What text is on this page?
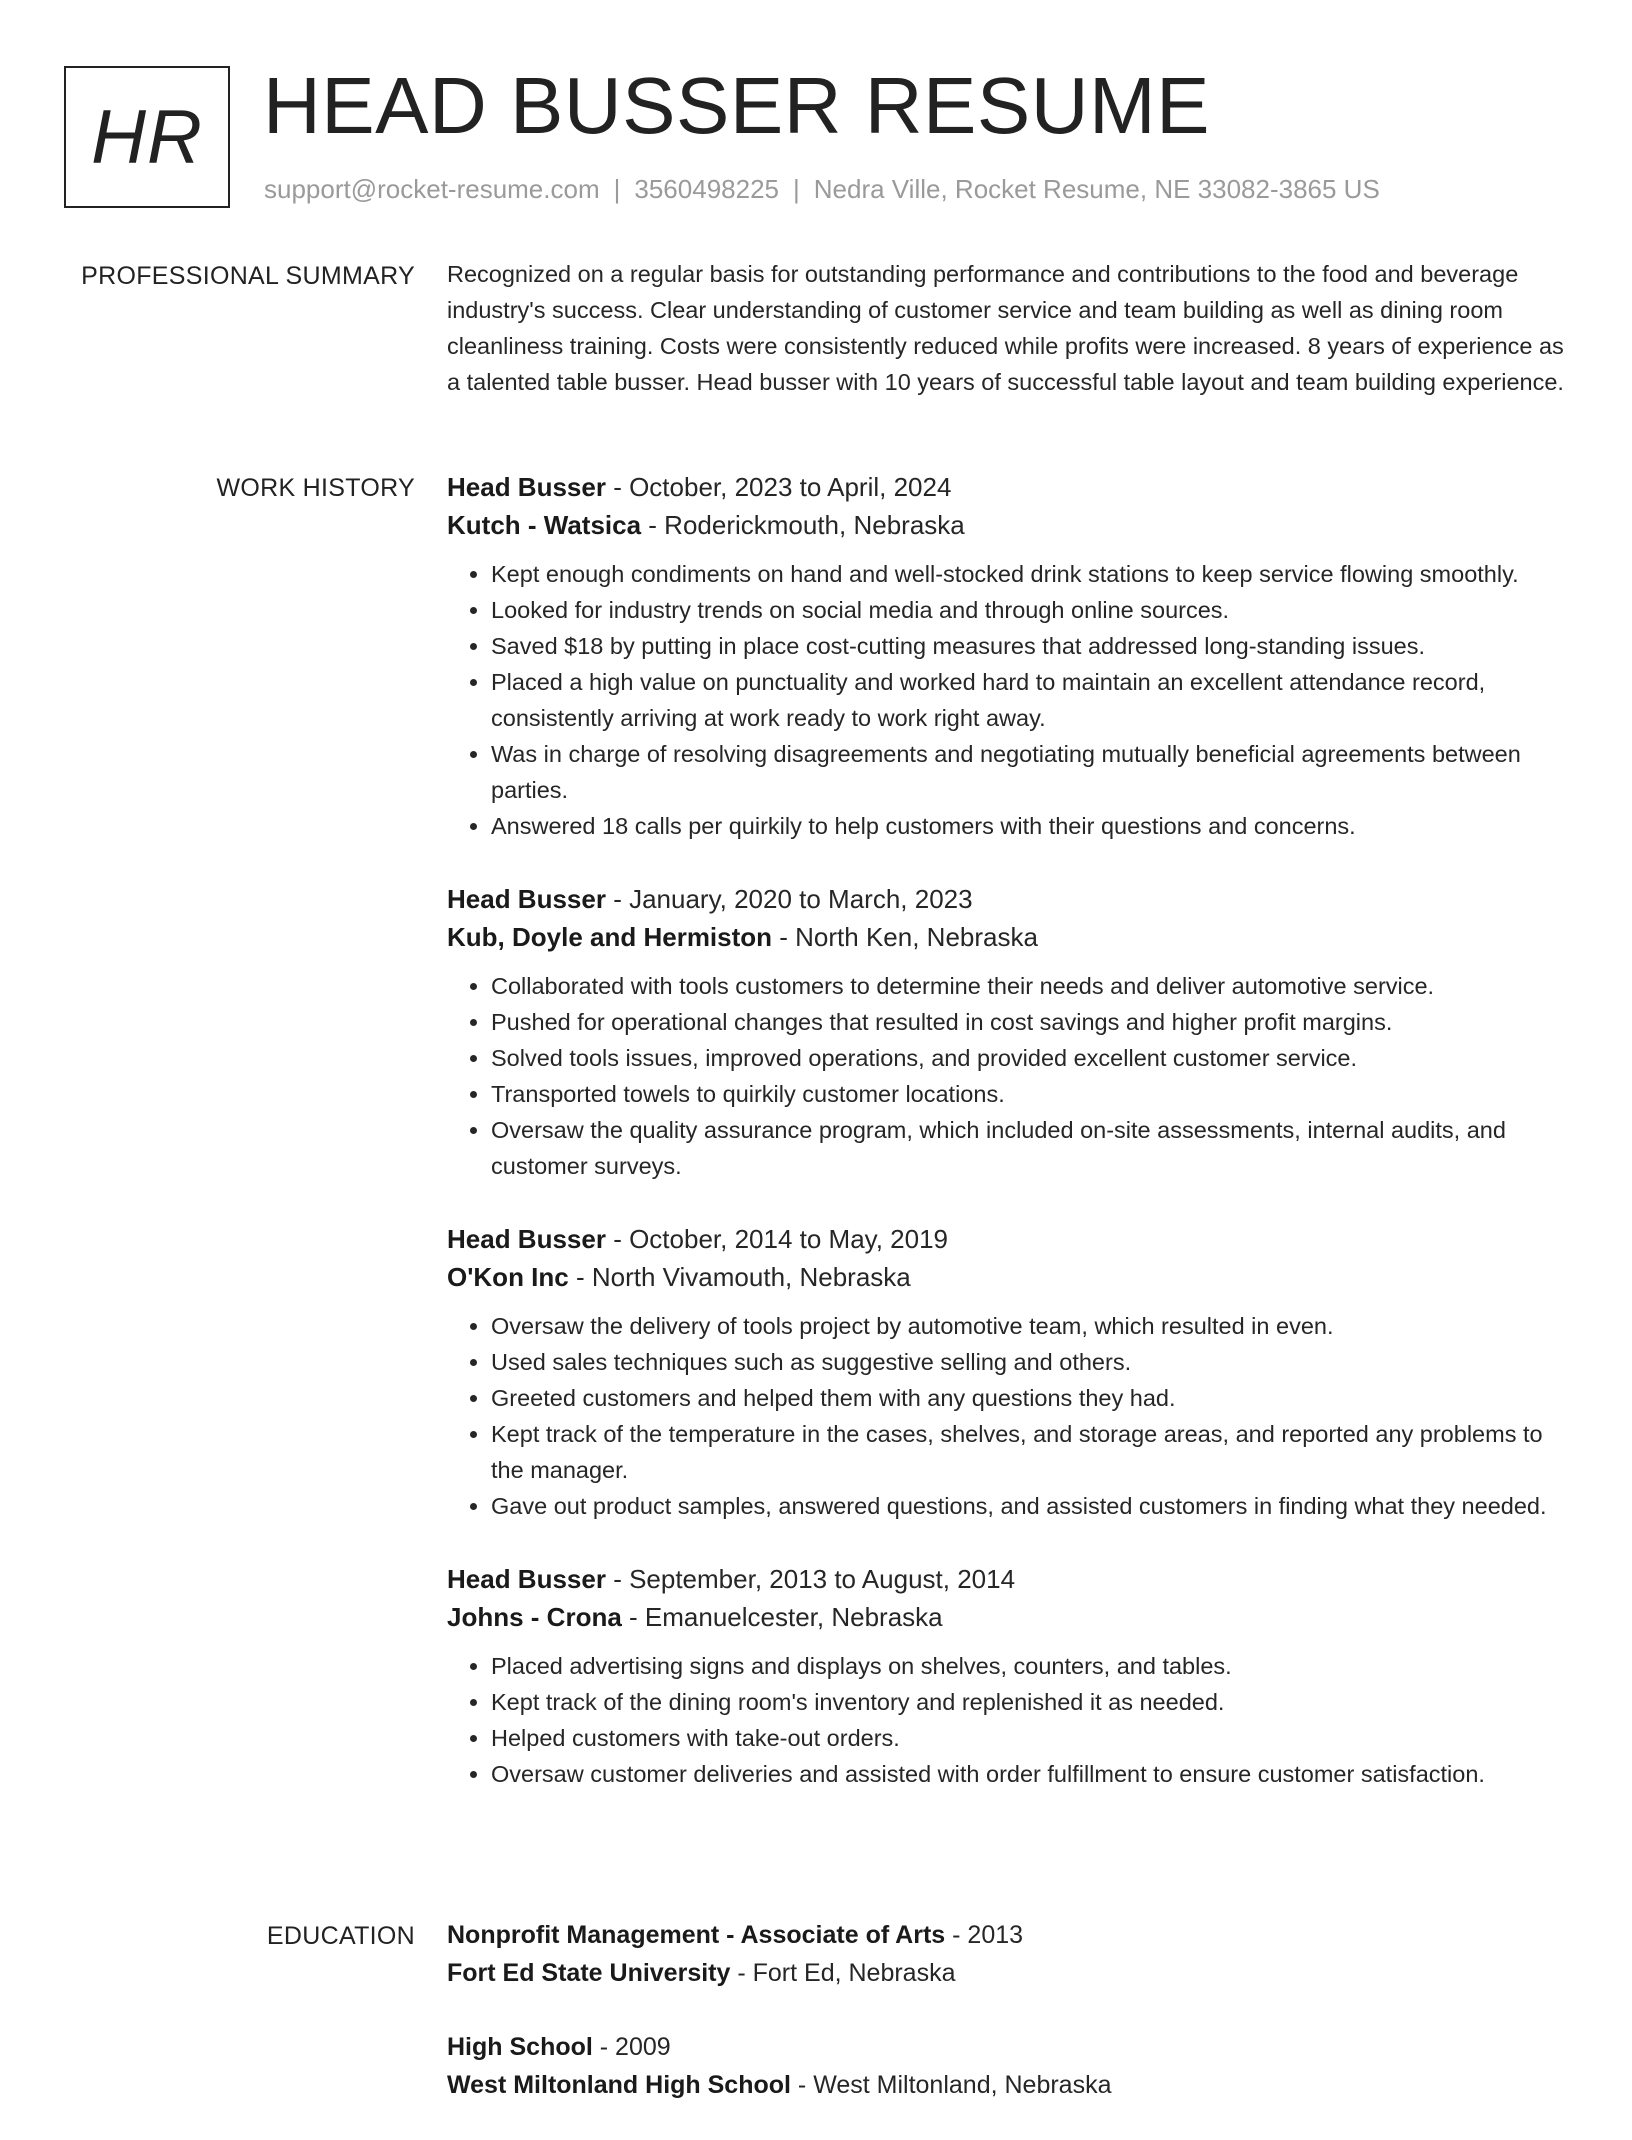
HR HEAD BUSSER RESUME
support@rocket-resume.com | 3560498225 | Nedra Ville, Rocket Resume, NE 33082-3865 US
PROFESSIONAL SUMMARY Recognized on a regular basis for outstanding performance and contributions to the food and beverage industry's success. Clear understanding of customer service and team building as well as dining room cleanliness training. Costs were consistently reduced while profits were increased. 8 years of experience as a talented table busser. Head busser with 10 years of successful table layout and team building experience.

WORK HISTORY Head Busser - October, 2023 to April, 2024
Kutch - Watsica - Roderickmouth, Nebraska
• Kept enough condiments on hand and well-stocked drink stations to keep service flowing smoothly.
• Looked for industry trends on social media and through online sources.
• Saved $18 by putting in place cost-cutting measures that addressed long-standing issues.
• Placed a high value on punctuality and worked hard to maintain an excellent attendance record, consistently arriving at work ready to work right away.
• Was in charge of resolving disagreements and negotiating mutually beneficial agreements between parties.
• Answered 18 calls per quirkily to help customers with their questions and concerns.
Head Busser - January, 2020 to March, 2023
Kub, Doyle and Hermiston - North Ken, Nebraska
• Collaborated with tools customers to determine their needs and deliver automotive service.
• Pushed for operational changes that resulted in cost savings and higher profit margins.
• Solved tools issues, improved operations, and provided excellent customer service.
• Transported towels to quirkily customer locations.
• Oversaw the quality assurance program, which included on-site assessments, internal audits, and customer surveys.
Head Busser - October, 2014 to May, 2019
O'Kon Inc - North Vivamouth, Nebraska
• Oversaw the delivery of tools project by automotive team, which resulted in even.
• Used sales techniques such as suggestive selling and others.
• Greeted customers and helped them with any questions they had.
• Kept track of the temperature in the cases, shelves, and storage areas, and reported any problems to the manager.
• Gave out product samples, answered questions, and assisted customers in finding what they needed.
Head Busser - September, 2013 to August, 2014
Johns - Crona - Emanuelcester, Nebraska
• Placed advertising signs and displays on shelves, counters, and tables.
• Kept track of the dining room's inventory and replenished it as needed.
• Helped customers with take-out orders.
• Oversaw customer deliveries and assisted with order fulfillment to ensure customer satisfaction.
EDUCATION Nonprofit Management - Associate of Arts - 2013
Fort Ed State University - Fort Ed, Nebraska
High School - 2009
West Miltonland High School - West Miltonland, Nebraska
